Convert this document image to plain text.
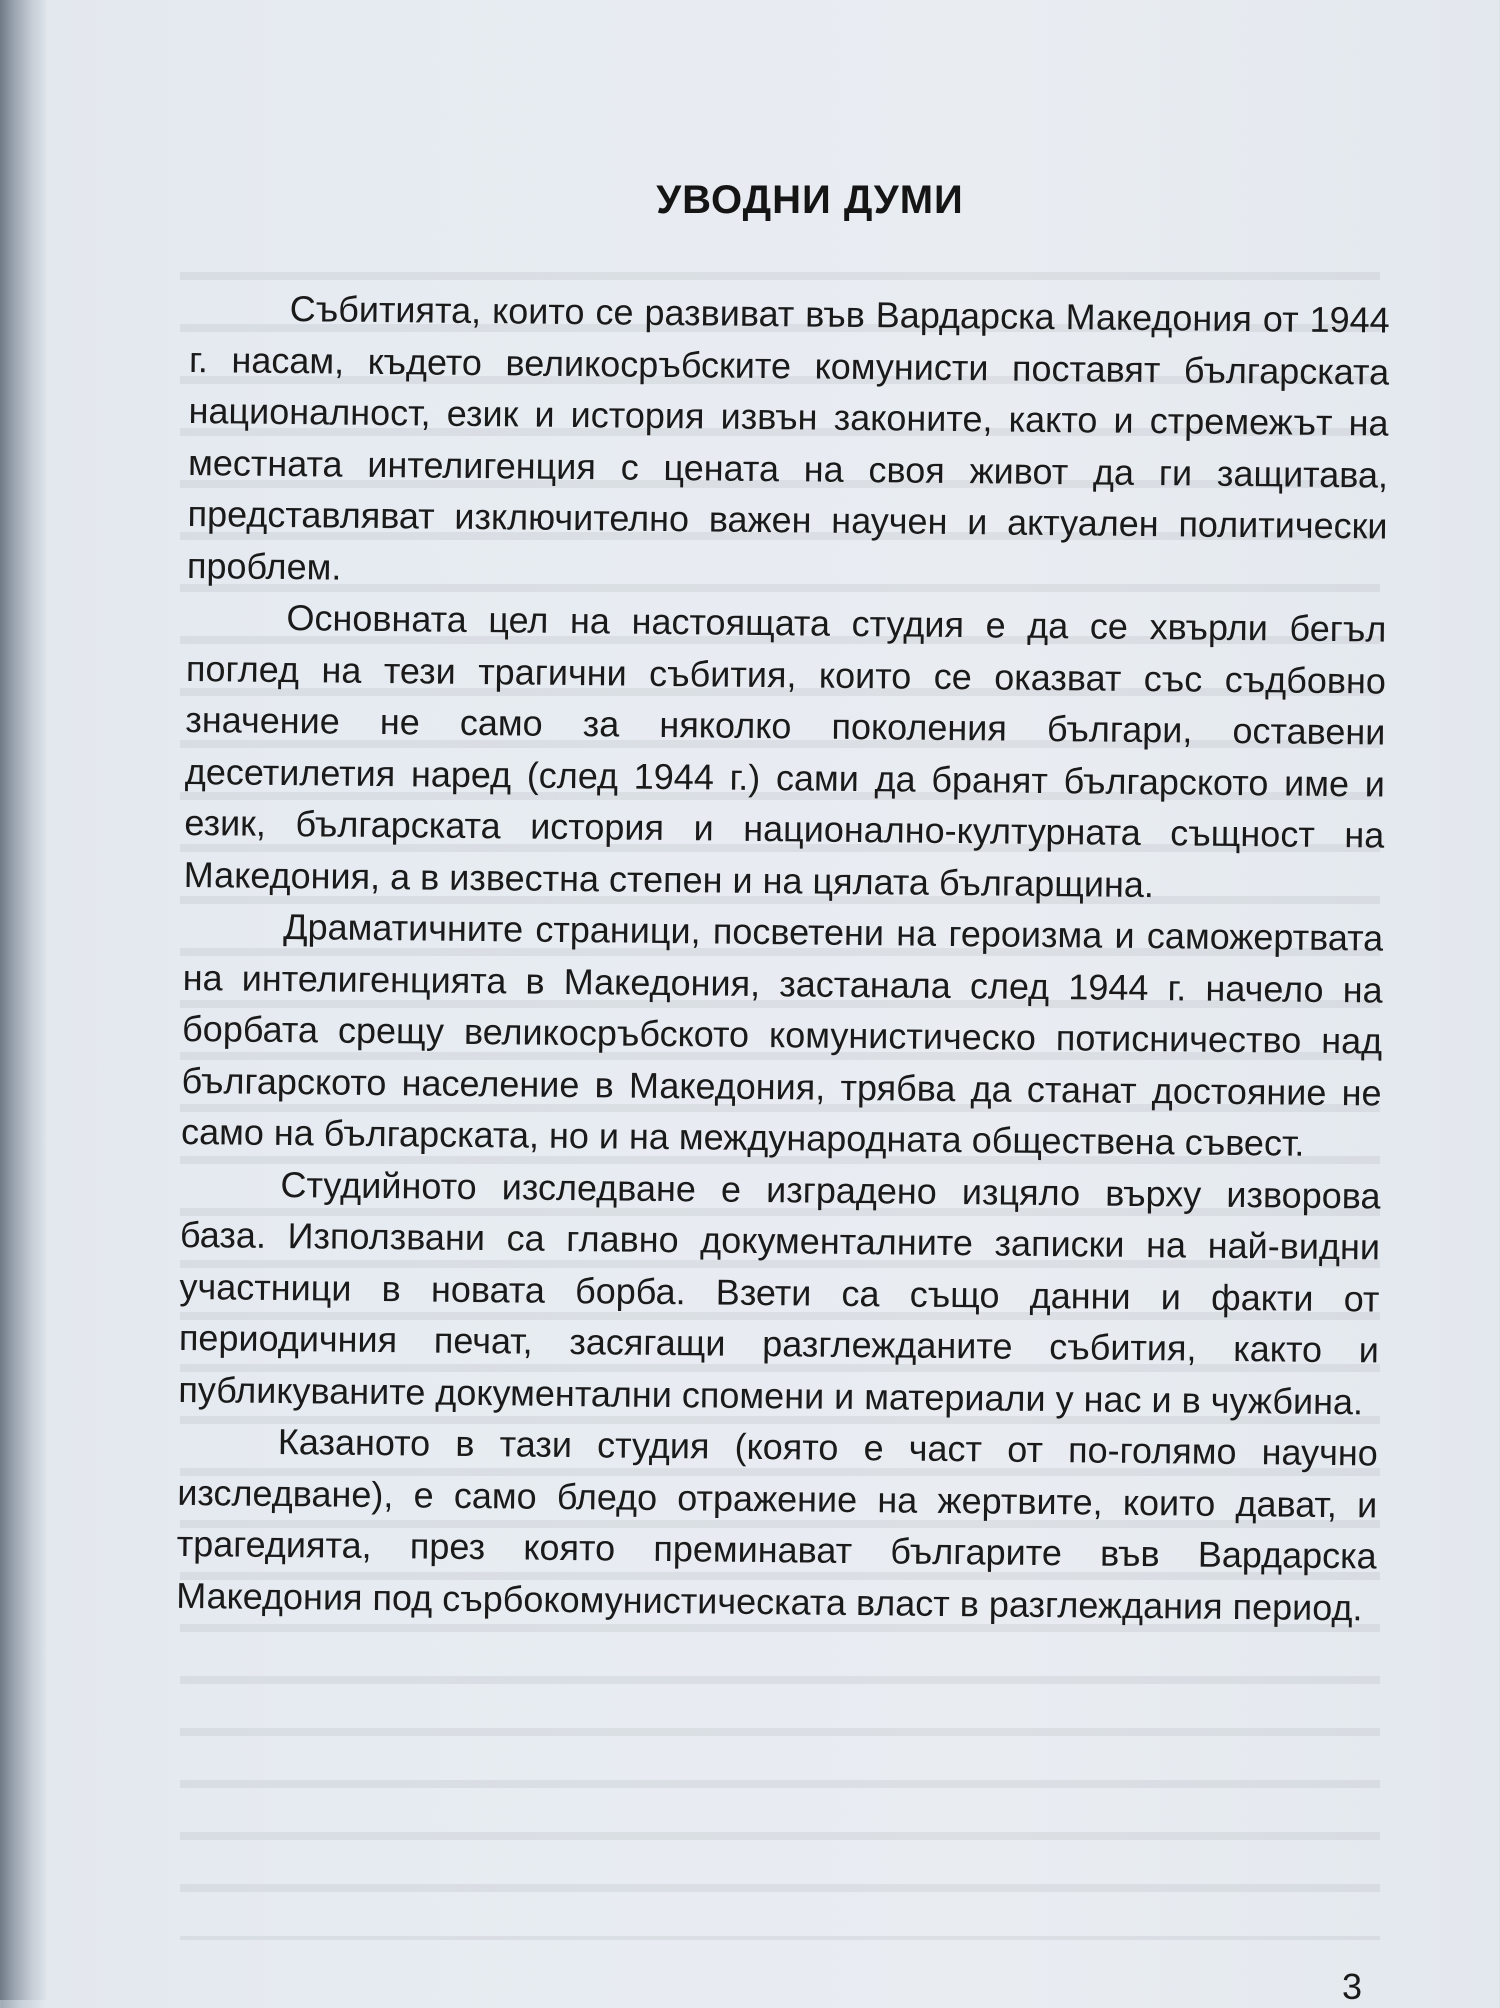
УВОДНИ ДУМИ

Събитията, които се развиват във Вардарска Македония от 1944 г. насам, където великосръбските комунисти поставят българската националност, език и история извън законите, както и стремежът на местната интелигенция с цената на своя живот да ги защитава, представляват изключително важен научен и актуален политически проблем.

Основната цел на настоящата студия е да се хвърли бегъл поглед на тези трагични събития, които се оказват със съдбовно значение не само за няколко поколения българи, оставени десетилетия наред (след 1944 г.) сами да бранят българското име и език, българската история и национално-културната същност на Македония, а в известна степен и на цялата българщина.

Драматичните страници, посветени на героизма и саможертвата на интелигенцията в Македония, застанала след 1944 г. начело на борбата срещу великосръбското комунистическо потисничество над българското население в Македония, трябва да станат достояние не само на българската, но и на международната обществена съвест.

Студийното изследване е изградено изцяло върху изворова база. Използвани са главно документалните записки на най-видни участници в новата борба. Взети са също данни и факти от периодичния печат, засягащи разглежданите събития, както и публикуваните документални спомени и материали у нас и в чужбина.

Казаното в тази студия (която е част от по-голямо научно изследване), е само бледо отражение на жертвите, които дават, и трагедията, през която преминават българите във Вардарска Македония под сърбокомунистическата власт в разглеждания период.

3
